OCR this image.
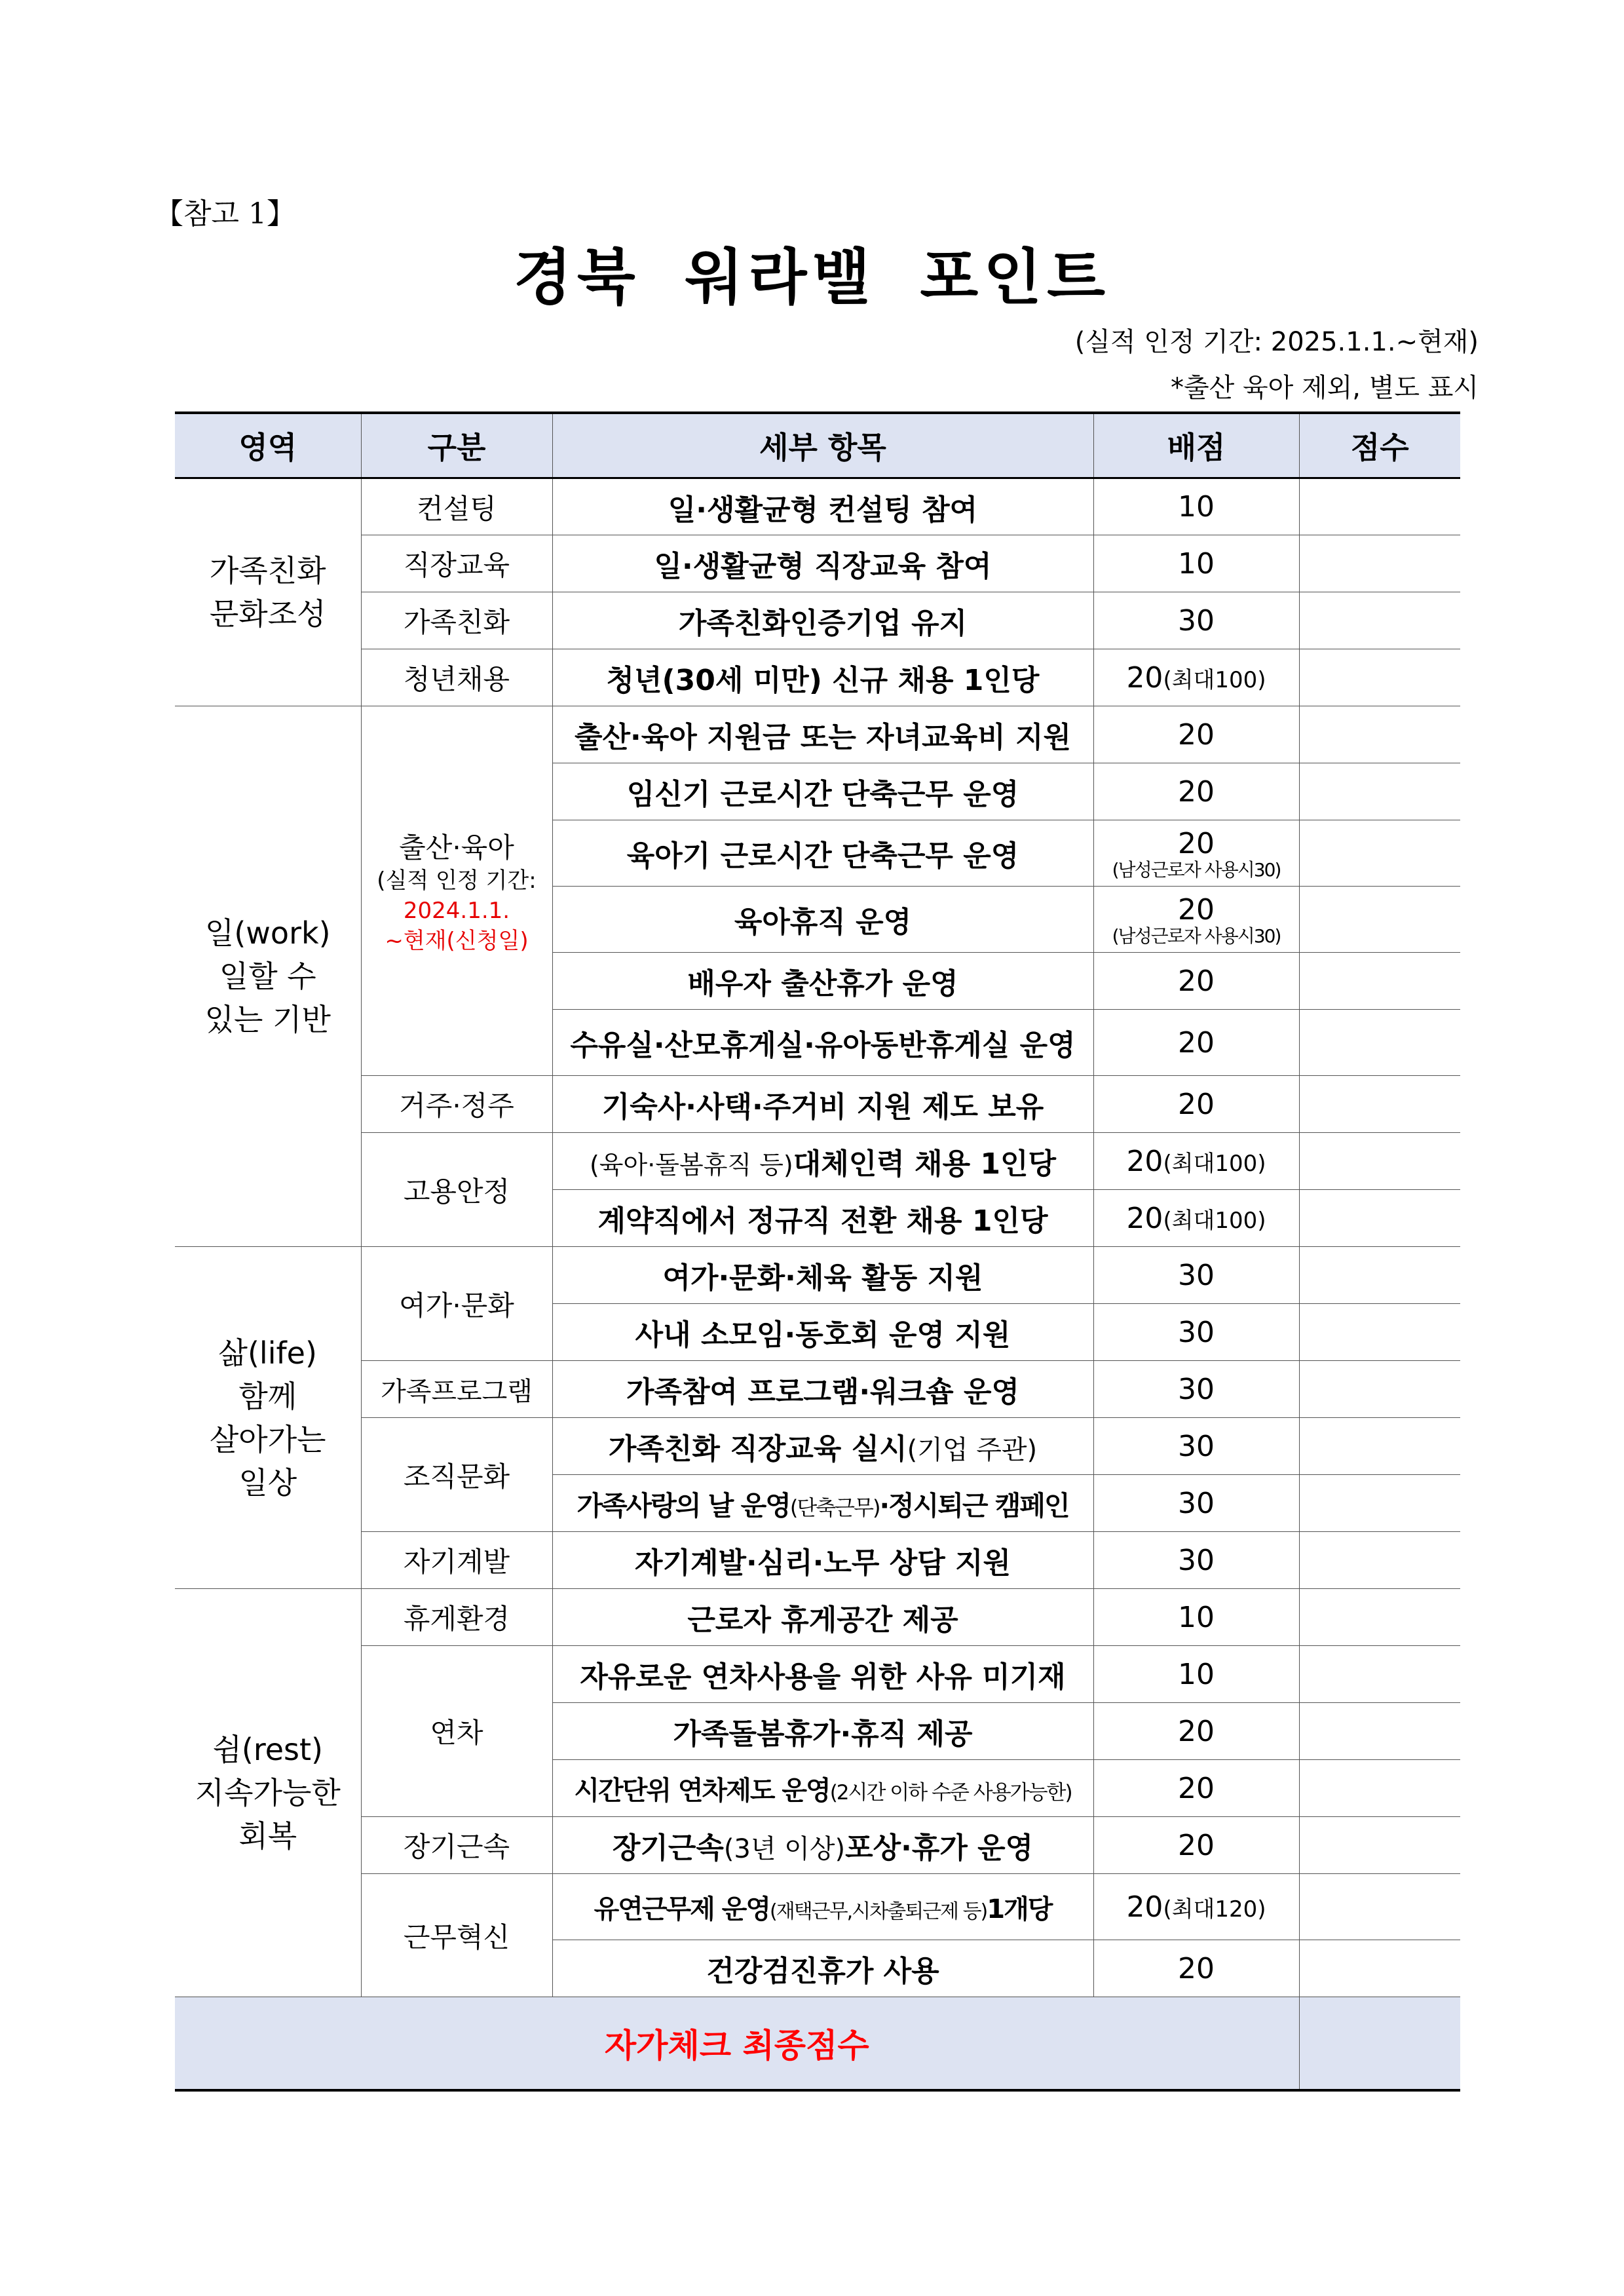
【참고 1】
경북 워라밸 포인트
(실적 인정 기간: 2025.1.1.~현재)
*출산 육아 제외, 별도 표시
영역	구분	세부 항목	배점	점수
가족친화
문화조성	컨설팅	일·생활균형 컨설팅 참여	10	
	직장교육	일·생활균형 직장교육 참여	10	
	가족친화	가족친화인증기업 유지	30	
	청년채용	청년(30세 미만) 신규 채용 1인당	20(최대100)	
일(work)
일할 수
있는 기반	출산·육아
(실적 인정 기간:
2024.1.1.
~현재(신청일)	출산·육아 지원금 또는 자녀교육비 지원	20	
		임신기 근로시간 단축근무 운영	20	
		육아기 근로시간 단축근무 운영	20
(남성근로자 사용시30)	

		육아휴직 운영	20
(남성근로자 사용시30)	

		배우자 출산휴가 운영	20	
		수유실·산모휴게실·유아동반휴게실 운영	20	
	거주·정주	기숙사·사택·주거비 지원 제도 보유	20	
	고용안정	(육아·돌봄휴직 등)대체인력 채용 1인당	20(최대100)	
		계약직에서 정규직 전환 채용 1인당	20(최대100)	
삶(life)
함께
살아가는
일상	여가·문화	여가·문화·체육 활동 지원	30	
		사내 소모임·동호회 운영 지원	30	
	가족프로그램	가족참여 프로그램·워크숍 운영	30	
	조직문화	가족친화 직장교육 실시(기업 주관)	30	
		가족사랑의 날 운영(단축근무)·정시퇴근 캠페인	30	
	자기계발	자기계발·심리·노무 상담 지원	30	
쉼(rest)
지속가능한
회복	휴게환경	근로자 휴게공간 제공	10	
	연차	자유로운 연차사용을 위한 사유 미기재	10	
		가족돌봄휴가·휴직 제공	20	
		시간단위 연차제도 운영(2시간 이하 수준 사용가능한)	20	
	장기근속	장기근속(3년 이상)포상·휴가 운영	20	
	근무혁신	유연근무제 운영(재택근무,시차출퇴근제 등)1개당	20(최대120)	
		건강검진휴가 사용	20	
자가체크 최종점수				
